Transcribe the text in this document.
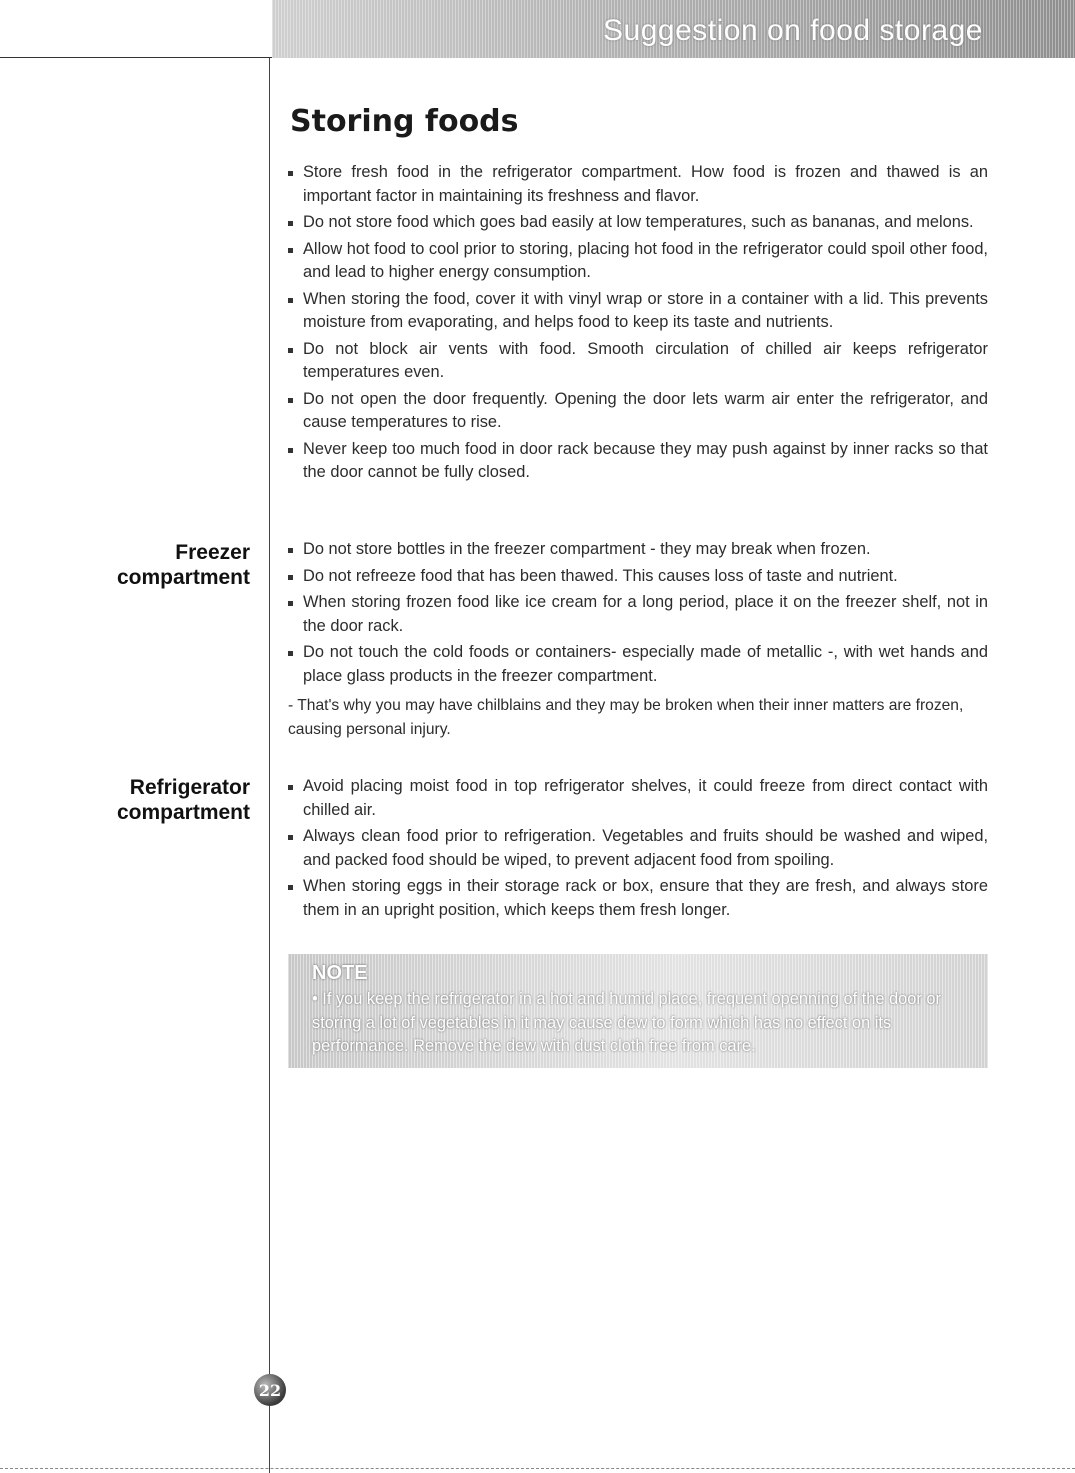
Suggestion on food storage
Storing foods
Store fresh food in the refrigerator compartment. How food is frozen and thawed is an important factor in maintaining its freshness and flavor.
Do not store food which goes bad easily at low temperatures, such as bananas, and melons.
Allow hot food to cool prior to storing, placing hot food in the refrigerator could spoil other food, and lead to higher energy consumption.
When storing the food, cover it with vinyl wrap or store in a container with a lid. This prevents moisture from evaporating, and helps food to keep its taste and nutrients.
Do not block air vents with food. Smooth circulation of chilled air keeps refrigerator temperatures even.
Do not open the door frequently. Opening the door lets warm air enter the refrigerator, and cause temperatures to rise.
Never keep too much food in door rack because they may push against by inner racks so that the door cannot be fully closed.
Freezer
compartment
Do not store bottles in the freezer compartment - they may break when frozen.
Do not refreeze food that has been thawed. This causes loss of taste and nutrient.
When storing frozen food like ice cream for a long period, place it on the freezer shelf, not in the door rack.
Do not touch the cold foods or containers- especially made of metallic -, with wet hands and place glass products in the freezer compartment.

- That's why you may have chilblains and they may be broken when their inner matters are frozen, causing personal injury.

Refrigerator
compartment
Avoid placing moist food in top refrigerator shelves, it could freeze from direct contact with chilled air.
Always clean food prior to refrigeration. Vegetables and fruits should be washed and wiped, and packed food should be wiped, to prevent adjacent food from spoiling.
When storing eggs in their storage rack or box, ensure that they are fresh, and always store them in an upright position, which keeps them fresh longer.
NOTE

• If you keep the refrigerator in a hot and humid place, frequent openning of the door or storing a lot of vegetables in it may cause dew to form which has no effect on its performance. Remove the dew with dust cloth free from care.

22
